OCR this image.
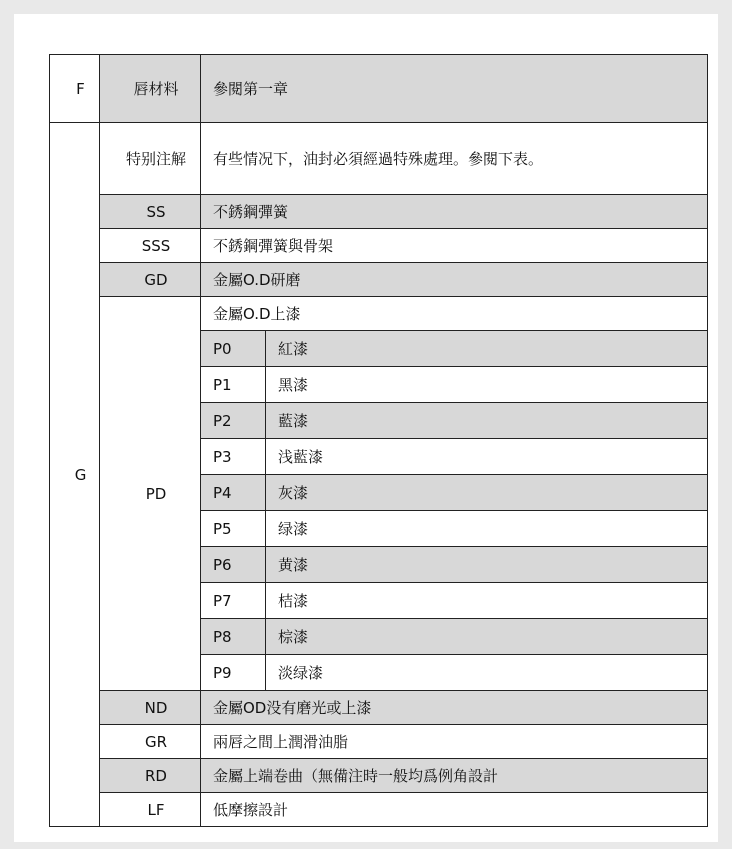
F	唇材料	參閱第一章	
G	特别注解	有些情况下，油封必須經過特殊處理。參閱下表。	
	SS	不銹鋼彈簧	
	SSS	不銹鋼彈簧與骨架	
	GD	金屬O.D研磨	
	PD	金屬O.D上漆	
		P0	紅漆
		P1	黑漆
		P2	藍漆
		P3	浅藍漆
		P4	灰漆
		P5	绿漆
		P6	黄漆
		P7	桔漆
		P8	棕漆
		P9	淡绿漆
	ND	金屬OD没有磨光或上漆	
	GR	兩唇之間上潤滑油脂	
	RD	金屬上端卷曲（無備注時一般均爲例角設計	
	LF	低摩擦設計	
